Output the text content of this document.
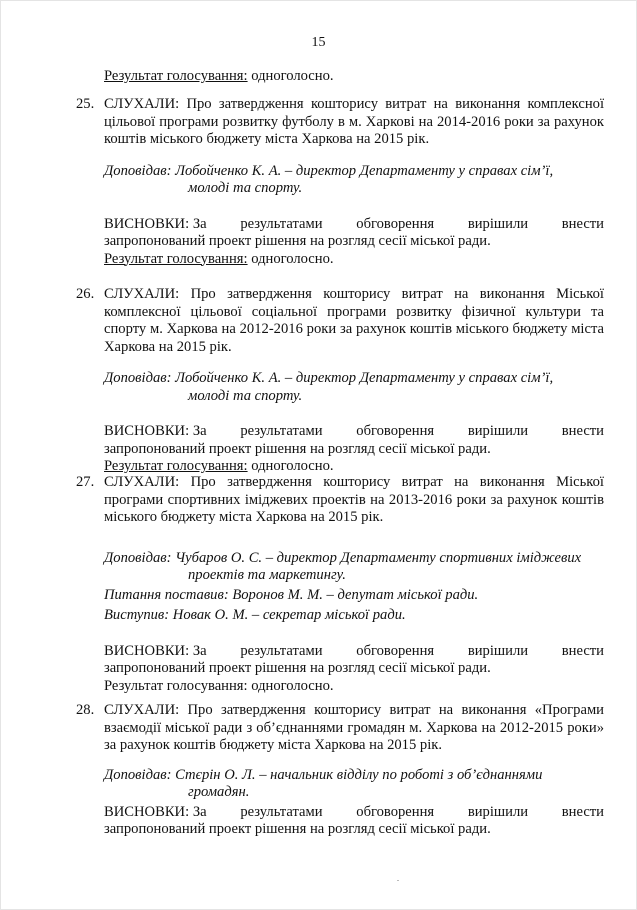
15
Результат голосування: одноголосно.
25. СЛУХАЛИ: Про затвердження кошторису витрат на виконання комплексної цільової програми розвитку футболу в м. Харкові на 2014-2016 роки за рахунок коштів міського бюджету міста Харкова на 2015 рік.

Доповідав: Лобойченко К. А. – директор Департаменту у справах сім’ї,
молоді та спорту.

ВИСНОВКИ: За результатами обговорення вирішили внести
запропонований проект рішення на розгляд сесії міської ради.

Результат голосування: одноголосно.

26. СЛУХАЛИ: Про затвердження кошторису витрат на виконання Міської комплексної цільової соціальної програми розвитку фізичної культури та спорту м. Харкова на 2012-2016 роки за рахунок коштів міського бюджету міста Харкова на 2015 рік.

Доповідав: Лобойченко К. А. – директор Департаменту у справах сім’ї,
молоді та спорту.

ВИСНОВКИ: За результатами обговорення вирішили внести
запропонований проект рішення на розгляд сесії міської ради.

Результат голосування: одноголосно.

27. СЛУХАЛИ: Про затвердження кошторису витрат на виконання Міської програми спортивних іміджевих проектів на 2013-2016 роки за рахунок коштів міського бюджету міста Харкова на 2015 рік.

Доповідав: Чубаров О. С. – директор Департаменту спортивних іміджевих
проектів та маркетингу.

Питання поставив: Воронов М. М. – депутат міської ради.

Виступив: Новак О. М. – секретар міської ради.

ВИСНОВКИ: За результатами обговорення вирішили внести
запропонований проект рішення на розгляд сесії міської ради.

Результат голосування: одноголосно.

28. СЛУХАЛИ: Про затвердження кошторису витрат на виконання «Програми взаємодії міської ради з об’єднаннями громадян м. Харкова на 2012-2015 роки» за рахунок коштів бюджету міста Харкова на 2015 рік.

Доповідав: Стєрін О. Л. – начальник відділу по роботі з об’єднаннями
громадян.

ВИСНОВКИ: За результатами обговорення вирішили внести
запропонований проект рішення на розгляд сесії міської ради.
